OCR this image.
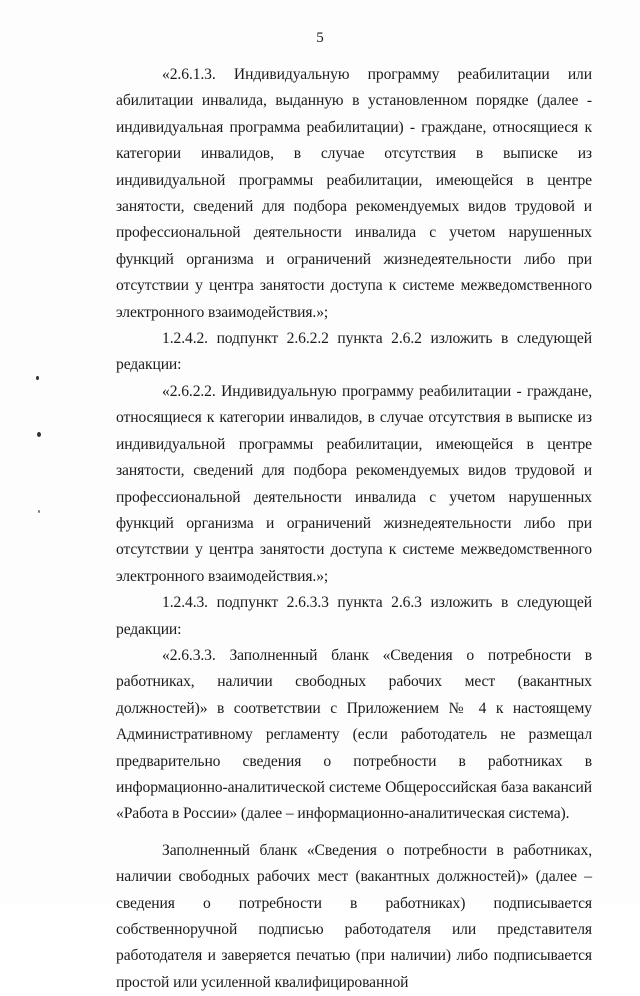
5

«2.6.1.3. Индивидуальную программу реабилитации или абилитации инвалида, выданную в установленном порядке (далее - индивидуальная программа реабилитации) - граждане, относящиеся к категории инвалидов, в случае отсутствия в выписке из индивидуальной программы реабилитации, имеющейся в центре занятости, сведений для подбора рекомендуемых видов трудовой и профессиональной деятельности инвалида с учетом нарушенных функций организма и ограничений жизнедеятельности либо при отсутствии у центра занятости доступа к системе межведомственного электронного взаимодействия.»;

1.2.4.2. подпункт 2.6.2.2 пункта 2.6.2 изложить в следующей редакции:

«2.6.2.2. Индивидуальную программу реабилитации - граждане, относящиеся к категории инвалидов, в случае отсутствия в выписке из индивидуальной программы реабилитации, имеющейся в центре занятости, сведений для подбора рекомендуемых видов трудовой и профессиональной деятельности инвалида с учетом нарушенных функций организма и ограничений жизнедеятельности либо при отсутствии у центра занятости доступа к системе межведомственного электронного взаимодействия.»;

1.2.4.3. подпункт 2.6.3.3 пункта 2.6.3 изложить в следующей редакции:

«2.6.3.3. Заполненный бланк «Сведения о потребности в работниках, наличии свободных рабочих мест (вакантных должностей)» в соответствии с Приложением № 4 к настоящему Административному регламенту (если работодатель не размещал предварительно сведения о потребности в работниках в информационно-аналитической системе Общероссийская база вакансий «Работа в России» (далее – информационно-аналитическая система).

Заполненный бланк «Сведения о потребности в работниках, наличии свободных рабочих мест (вакантных должностей)» (далее – сведения о потребности в работниках) подписывается собственноручной подписью работодателя или представителя работодателя и заверяется печатью (при наличии) либо подписывается простой или усиленной квалифицированной
